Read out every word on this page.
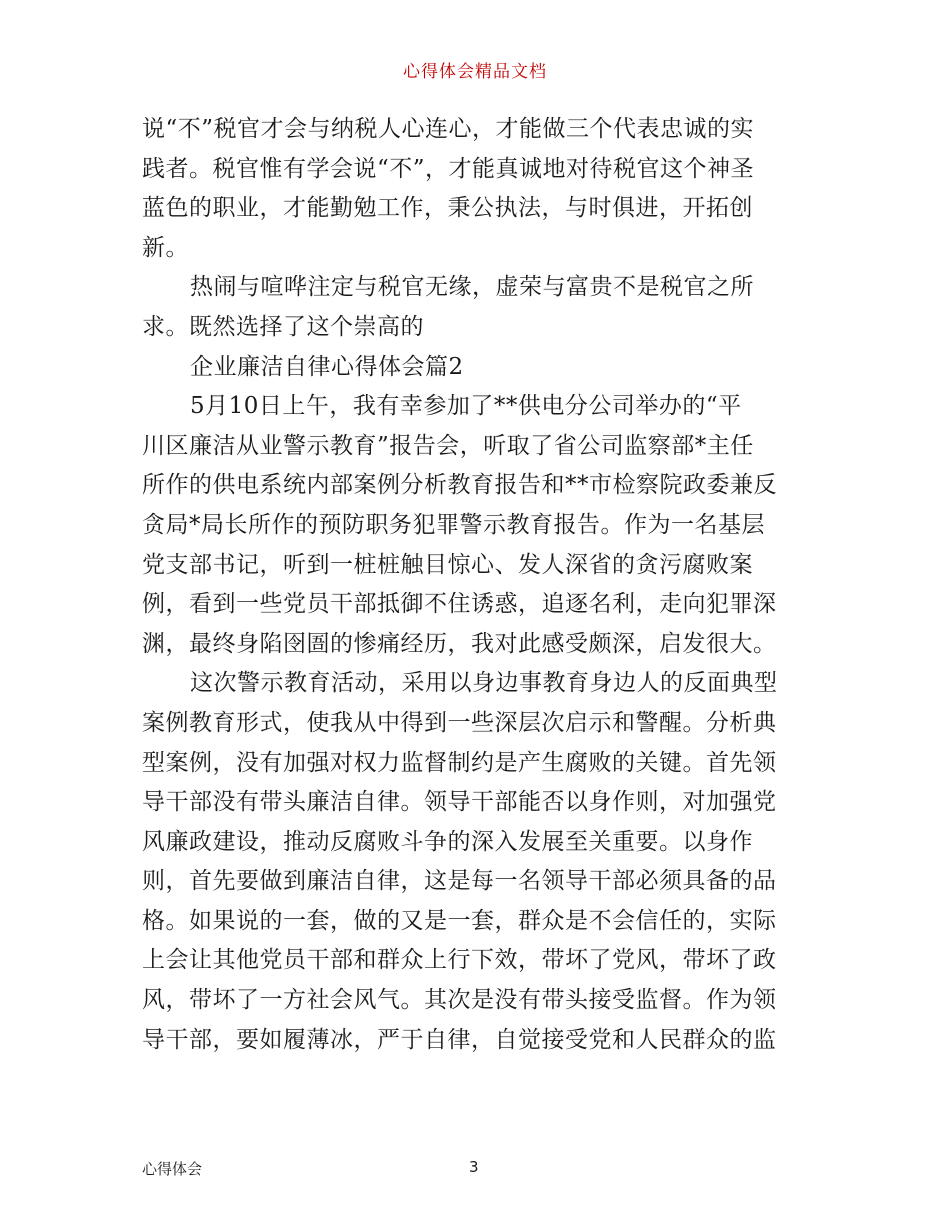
心得体会精品文档
说“不”税官才会与纳税人心连心，才能做三个代表忠诚的实
践者。税官惟有学会说“不”，才能真诚地对待税官这个神圣
蓝色的职业，才能勤勉工作，秉公执法，与时俱进，开拓创
新。
热闹与喧哗注定与税官无缘，虚荣与富贵不是税官之所
求。既然选择了这个崇高的
企业廉洁自律心得体会篇2
5月10日上午，我有幸参加了**供电分公司举办的“平
川区廉洁从业警示教育”报告会，听取了省公司监察部*主任
所作的供电系统内部案例分析教育报告和**市检察院政委兼反
贪局*局长所作的预防职务犯罪警示教育报告。作为一名基层
党支部书记，听到一桩桩触目惊心、发人深省的贪污腐败案
例，看到一些党员干部抵御不住诱惑，追逐名利，走向犯罪深
渊，最终身陷囹圄的惨痛经历，我对此感受颇深，启发很大。
这次警示教育活动，采用以身边事教育身边人的反面典型
案例教育形式，使我从中得到一些深层次启示和警醒。分析典
型案例，没有加强对权力监督制约是产生腐败的关键。首先领
导干部没有带头廉洁自律。领导干部能否以身作则，对加强党
风廉政建设，推动反腐败斗争的深入发展至关重要。以身作
则，首先要做到廉洁自律，这是每一名领导干部必须具备的品
格。如果说的一套，做的又是一套，群众是不会信任的，实际
上会让其他党员干部和群众上行下效，带坏了党风，带坏了政
风，带坏了一方社会风气。其次是没有带头接受监督。作为领
导干部，要如履薄冰，严于自律，自觉接受党和人民群众的监
心得体会	3
